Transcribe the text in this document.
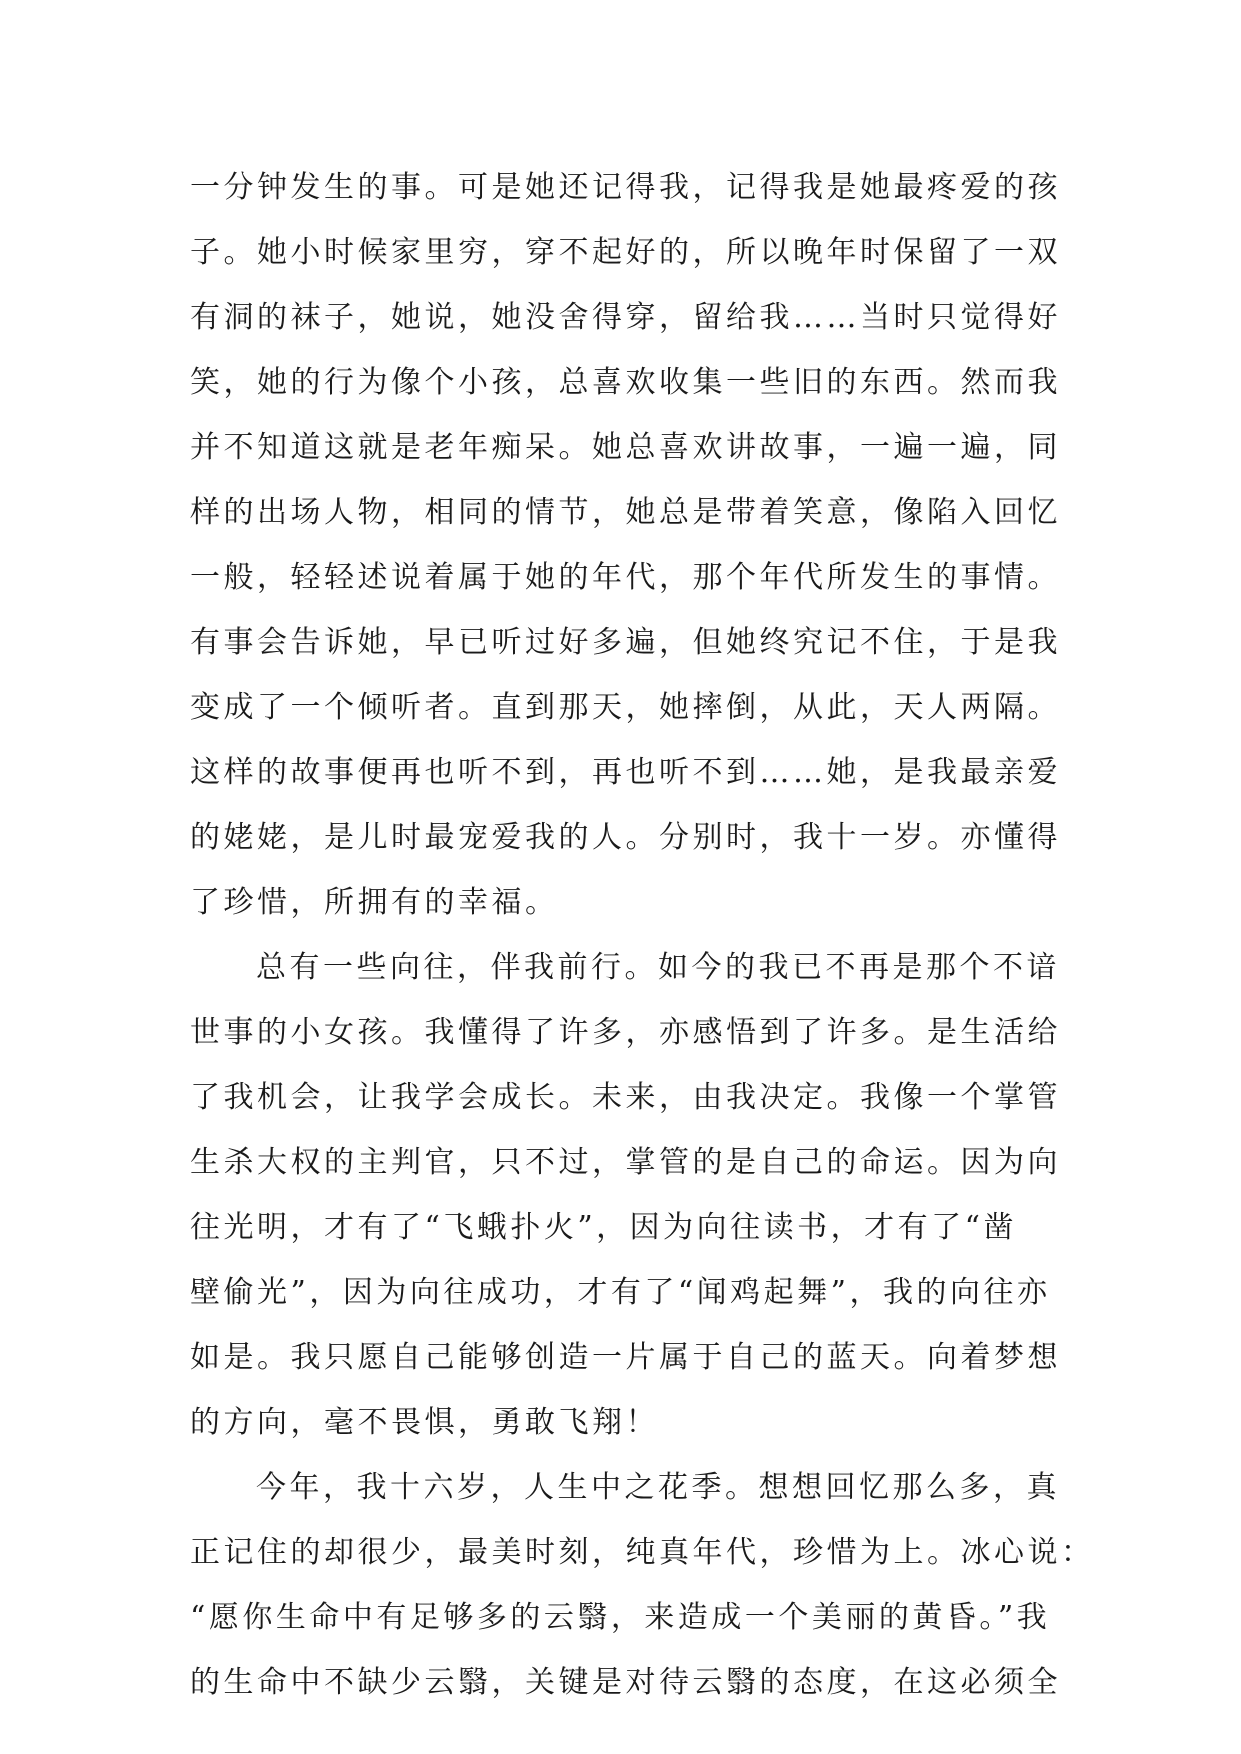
一分钟发生的事。可是她还记得我，记得我是她最疼爱的孩
子。她小时候家里穷，穿不起好的，所以晚年时保留了一双
有洞的袜子，她说，她没舍得穿，留给我……当时只觉得好
笑，她的行为像个小孩，总喜欢收集一些旧的东西。然而我
并不知道这就是老年痴呆。她总喜欢讲故事，一遍一遍，同
样的出场人物，相同的情节，她总是带着笑意，像陷入回忆
一般，轻轻述说着属于她的年代，那个年代所发生的事情。
有事会告诉她，早已听过好多遍，但她终究记不住，于是我
变成了一个倾听者。直到那天，她摔倒，从此，天人两隔。
这样的故事便再也听不到，再也听不到……她，是我最亲爱
的姥姥，是儿时最宠爱我的人。分别时，我十一岁。亦懂得
了珍惜，所拥有的幸福。
总有一些向往，伴我前行。如今的我已不再是那个不谙
世事的小女孩。我懂得了许多，亦感悟到了许多。是生活给
了我机会，让我学会成长。未来，由我决定。我像一个掌管
生杀大权的主判官，只不过，掌管的是自己的命运。因为向
往光明，才有了“飞蛾扑火”，因为向往读书，才有了“凿
壁偷光”，因为向往成功，才有了“闻鸡起舞”，我的向往亦
如是。我只愿自己能够创造一片属于自己的蓝天。向着梦想
的方向，毫不畏惧，勇敢飞翔！
今年，我十六岁，人生中之花季。想想回忆那么多，真
正记住的却很少，最美时刻，纯真年代，珍惜为上。冰心说：
“愿你生命中有足够多的云翳，来造成一个美丽的黄昏。”我
的生命中不缺少云翳，关键是对待云翳的态度，在这必须全
